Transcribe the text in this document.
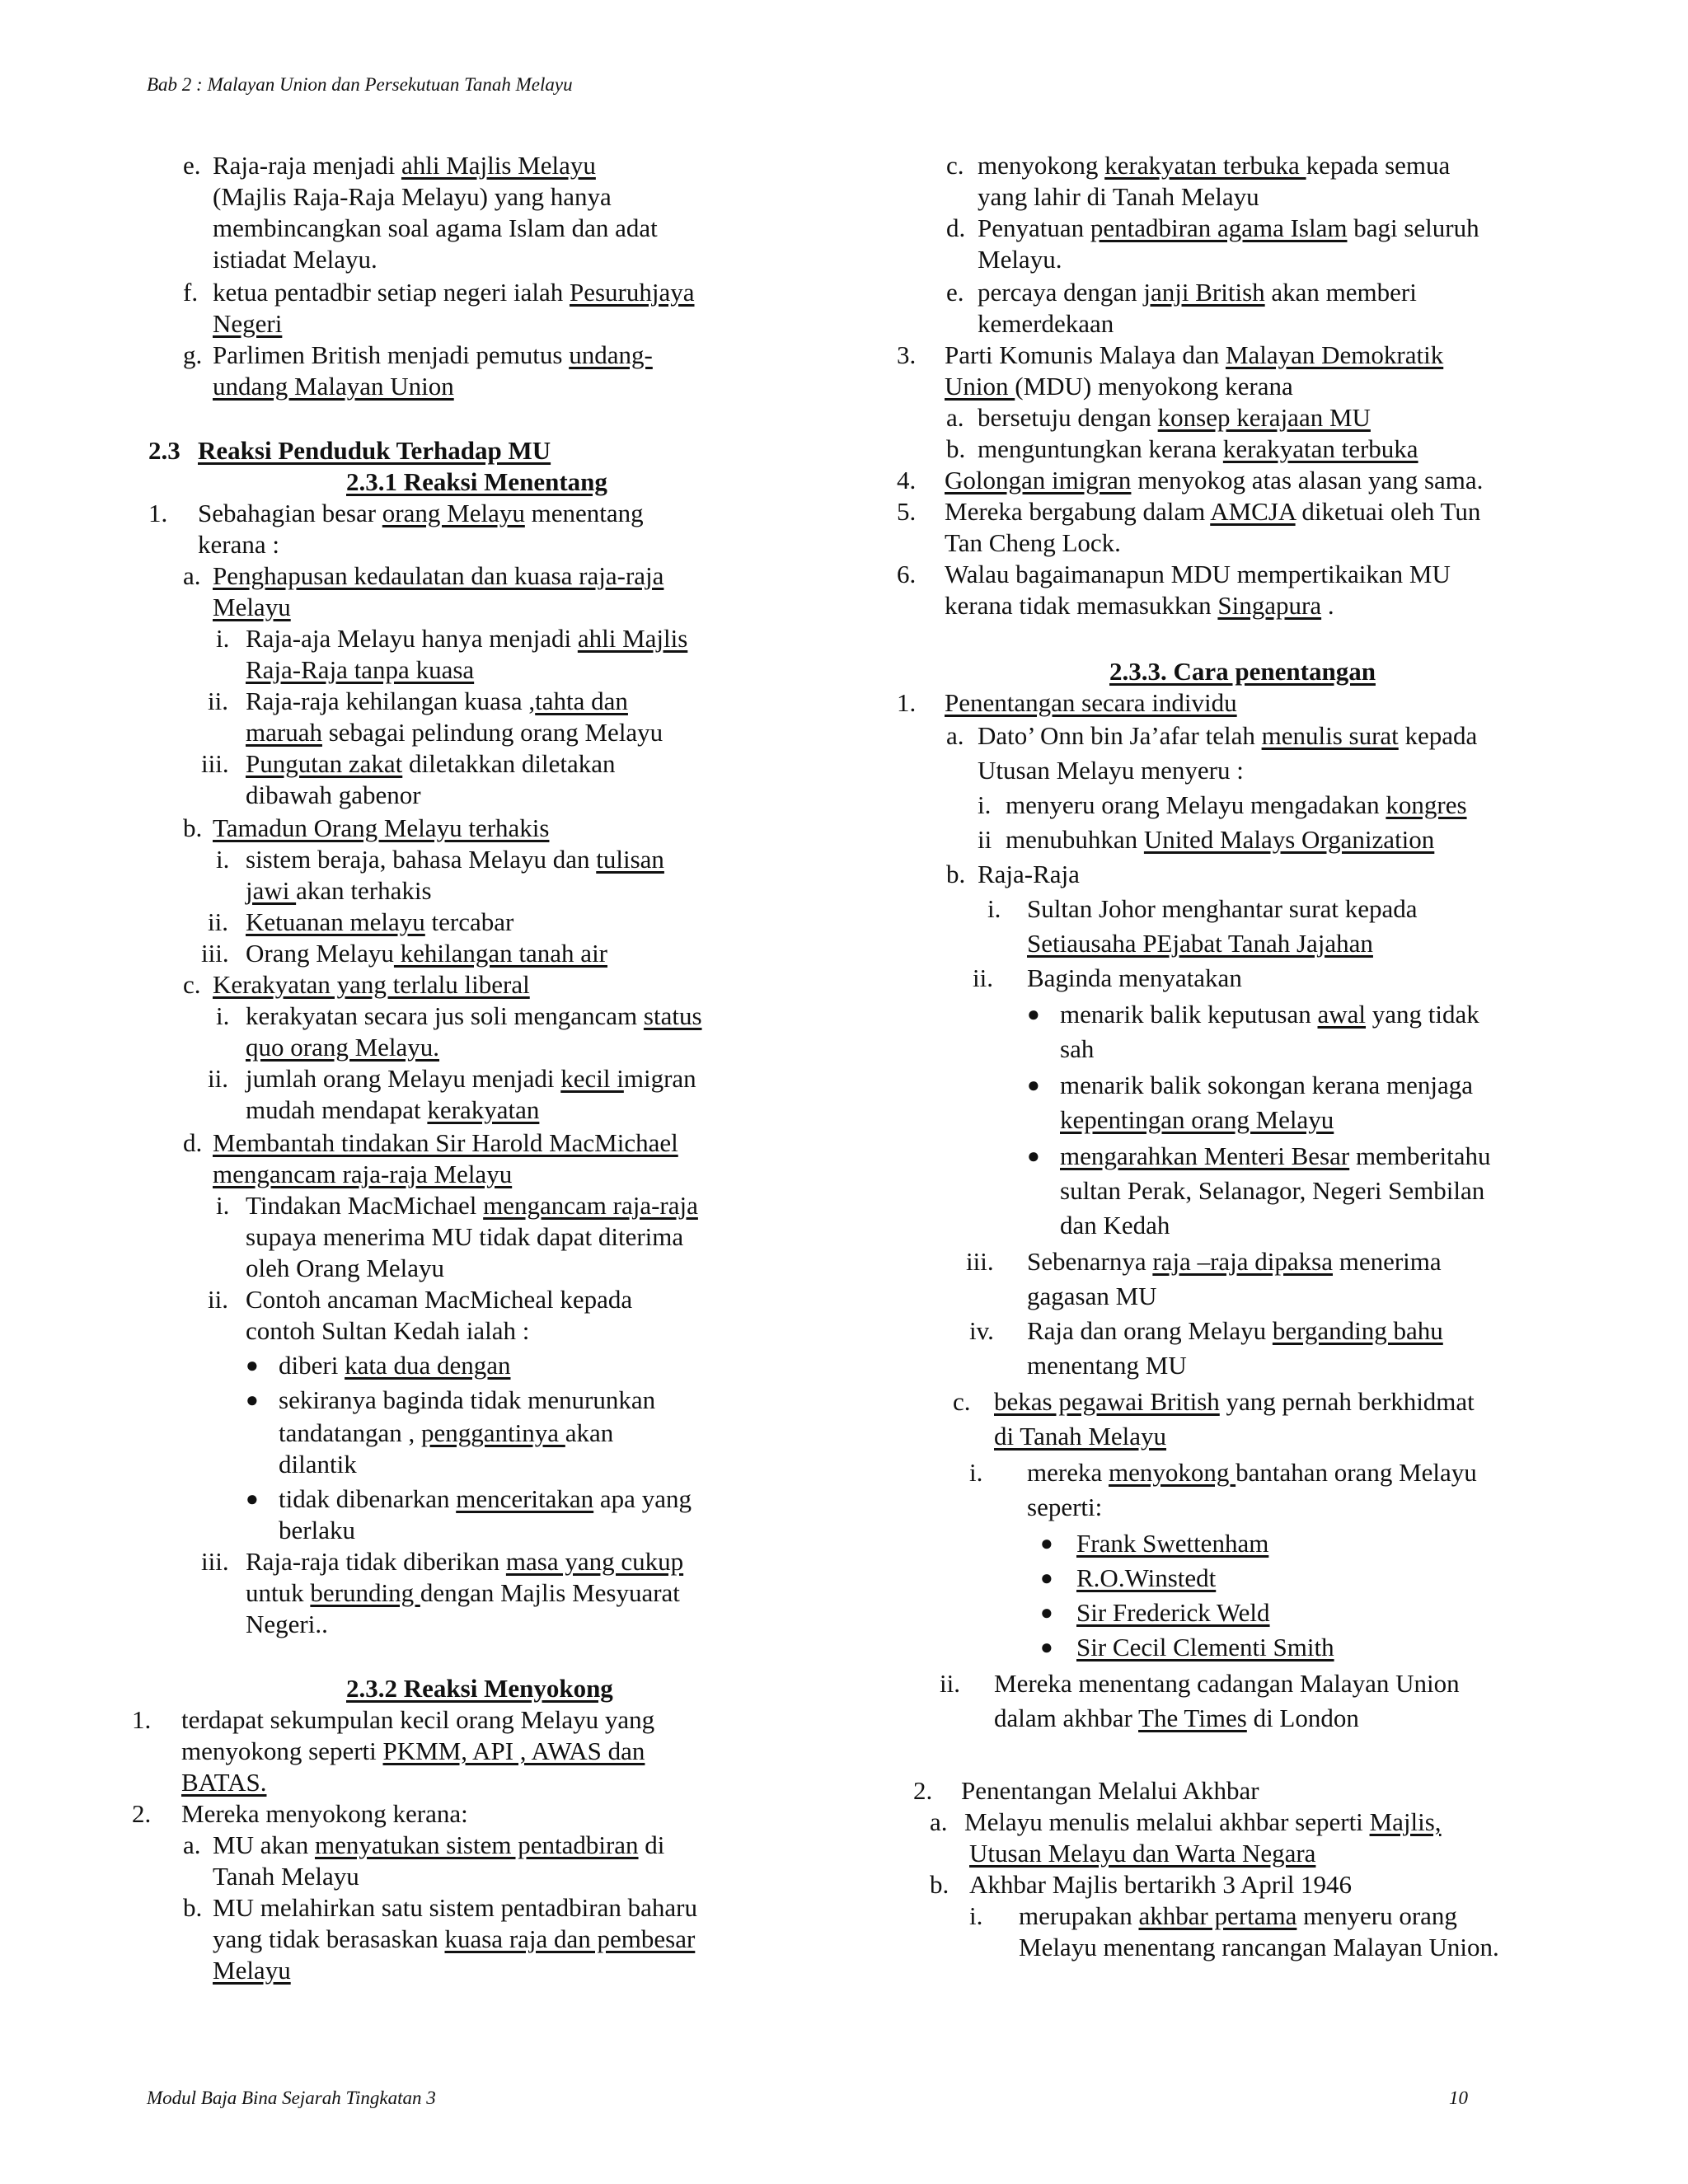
Bab 2 : Malayan Union dan Persekutuan Tanah Melayu
e. Raja-raja menjadi ahli Majlis Melayu
(Majlis Raja-Raja Melayu) yang hanya
membincangkan soal agama Islam dan adat
istiadat Melayu.
f. ketua pentadbir setiap negeri ialah Pesuruhjaya
Negeri
g. Parlimen British menjadi pemutus undang-
undang Malayan Union
2.3 Reaksi Penduduk Terhadap MU
2.3.1 Reaksi Menentang
1. Sebahagian besar orang Melayu menentang
kerana :
a. Penghapusan kedaulatan dan kuasa raja-raja
Melayu
i. Raja-aja Melayu hanya menjadi ahli Majlis
Raja-Raja tanpa kuasa
ii. Raja-raja kehilangan kuasa ,tahta dan
maruah sebagai pelindung orang Melayu
iii. Pungutan zakat diletakkan diletakan
dibawah gabenor
b. Tamadun Orang Melayu terhakis
i. sistem beraja, bahasa Melayu dan tulisan
jawi akan terhakis
ii. Ketuanan melayu tercabar
iii. Orang Melayu kehilangan tanah air
c. Kerakyatan yang terlalu liberal
i. kerakyatan secara jus soli mengancam status
quo orang Melayu.
ii. jumlah orang Melayu menjadi kecil imigran
mudah mendapat kerakyatan
d. Membantah tindakan Sir Harold MacMichael
mengancam raja-raja Melayu
i. Tindakan MacMichael mengancam raja-raja
supaya menerima MU tidak dapat diterima
oleh Orang Melayu
ii. Contoh ancaman MacMicheal kepada
contoh Sultan Kedah ialah :
● diberi kata dua dengan
● sekiranya baginda tidak menurunkan
tandatangan , penggantinya akan
dilantik
● tidak dibenarkan menceritakan apa yang
berlaku
iii. Raja-raja tidak diberikan masa yang cukup
untuk berunding dengan Majlis Mesyuarat
Negeri..
2.3.2 Reaksi Menyokong
1. terdapat sekumpulan kecil orang Melayu yang
menyokong seperti PKMM, API , AWAS dan
BATAS.
2. Mereka menyokong kerana:
a. MU akan menyatukan sistem pentadbiran di
Tanah Melayu
b. MU melahirkan satu sistem pentadbiran baharu
yang tidak berasaskan kuasa raja dan pembesar
Melayu
c. menyokong kerakyatan terbuka kepada semua
yang lahir di Tanah Melayu
d. Penyatuan pentadbiran agama Islam bagi seluruh
Melayu.
e. percaya dengan janji British akan memberi
kemerdekaan
3. Parti Komunis Malaya dan Malayan Demokratik
Union (MDU) menyokong kerana
a. bersetuju dengan konsep kerajaan MU
b. menguntungkan kerana kerakyatan terbuka
4. Golongan imigran menyokog atas alasan yang sama.
5. Mereka bergabung dalam AMCJA diketuai oleh Tun
Tan Cheng Lock.
6. Walau bagaimanapun MDU mempertikaikan MU
kerana tidak memasukkan Singapura .
2.3.3. Cara penentangan
1. Penentangan secara individu
a. Dato’ Onn bin Ja’afar telah menulis surat kepada
Utusan Melayu menyeru :
i. menyeru orang Melayu mengadakan kongres
ii menubuhkan United Malays Organization
b. Raja-Raja
i. Sultan Johor menghantar surat kepada
Setiausaha PEjabat Tanah Jajahan
ii. Baginda menyatakan
● menarik balik keputusan awal yang tidak
sah
● menarik balik sokongan kerana menjaga
kepentingan orang Melayu
● mengarahkan Menteri Besar memberitahu
sultan Perak, Selanagor, Negeri Sembilan
dan Kedah
iii. Sebenarnya raja –raja dipaksa menerima
gagasan MU
iv. Raja dan orang Melayu berganding bahu
menentang MU
c. bekas pegawai British yang pernah berkhidmat
di Tanah Melayu
i. mereka menyokong bantahan orang Melayu
seperti:
● Frank Swettenham
● R.O.Winstedt
● Sir Frederick Weld
● Sir Cecil Clementi Smith
ii. Mereka menentang cadangan Malayan Union
dalam akhbar The Times di London
2. Penentangan Melalui Akhbar
a. Melayu menulis melalui akhbar seperti Majlis,
Utusan Melayu dan Warta Negara
b. Akhbar Majlis bertarikh 3 April 1946
i. merupakan akhbar pertama menyeru orang
Melayu menentang rancangan Malayan Union.
Modul Baja Bina Sejarah Tingkatan 3	10
